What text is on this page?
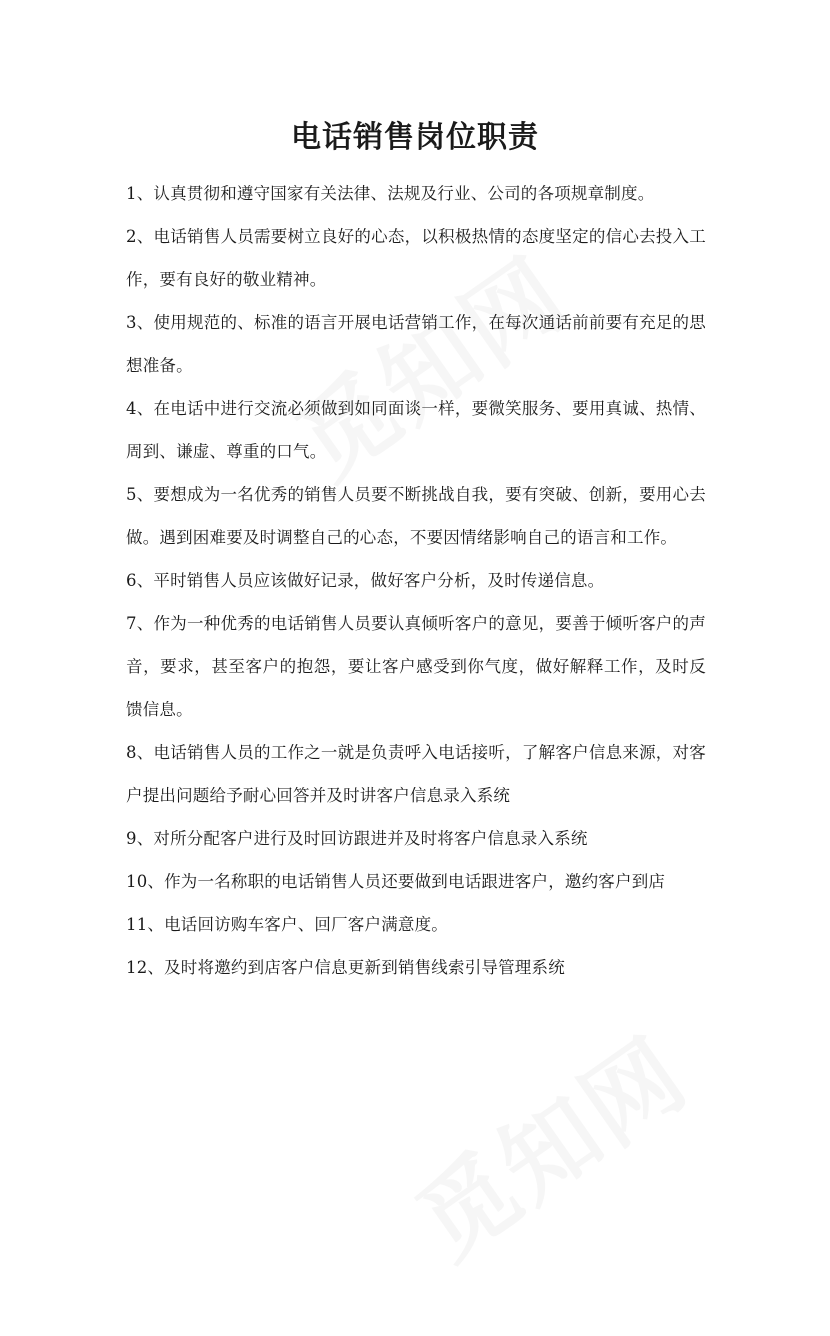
电话销售岗位职责
1、认真贯彻和遵守国家有关法律、法规及行业、公司的各项规章制度。
2、电话销售人员需要树立良好的心态，以积极热情的态度坚定的信心去投入工作，要有良好的敬业精神。
3、使用规范的、标准的语言开展电话营销工作，在每次通话前前要有充足的思想准备。
4、在电话中进行交流必须做到如同面谈一样，要微笑服务、要用真诚、热情、周到、谦虚、尊重的口气。
5、要想成为一名优秀的销售人员要不断挑战自我，要有突破、创新，要用心去做。遇到困难要及时调整自己的心态，不要因情绪影响自己的语言和工作。
6、平时销售人员应该做好记录，做好客户分析，及时传递信息。
7、作为一种优秀的电话销售人员要认真倾听客户的意见，要善于倾听客户的声音，要求，甚至客户的抱怨，要让客户感受到你气度，做好解释工作，及时反馈信息。
8、电话销售人员的工作之一就是负责呼入电话接听，了解客户信息来源，对客户提出问题给予耐心回答并及时讲客户信息录入系统
9、对所分配客户进行及时回访跟进并及时将客户信息录入系统
10、作为一名称职的电话销售人员还要做到电话跟进客户，邀约客户到店
11、电话回访购车客户、回厂客户满意度。
12、及时将邀约到店客户信息更新到销售线索引导管理系统
